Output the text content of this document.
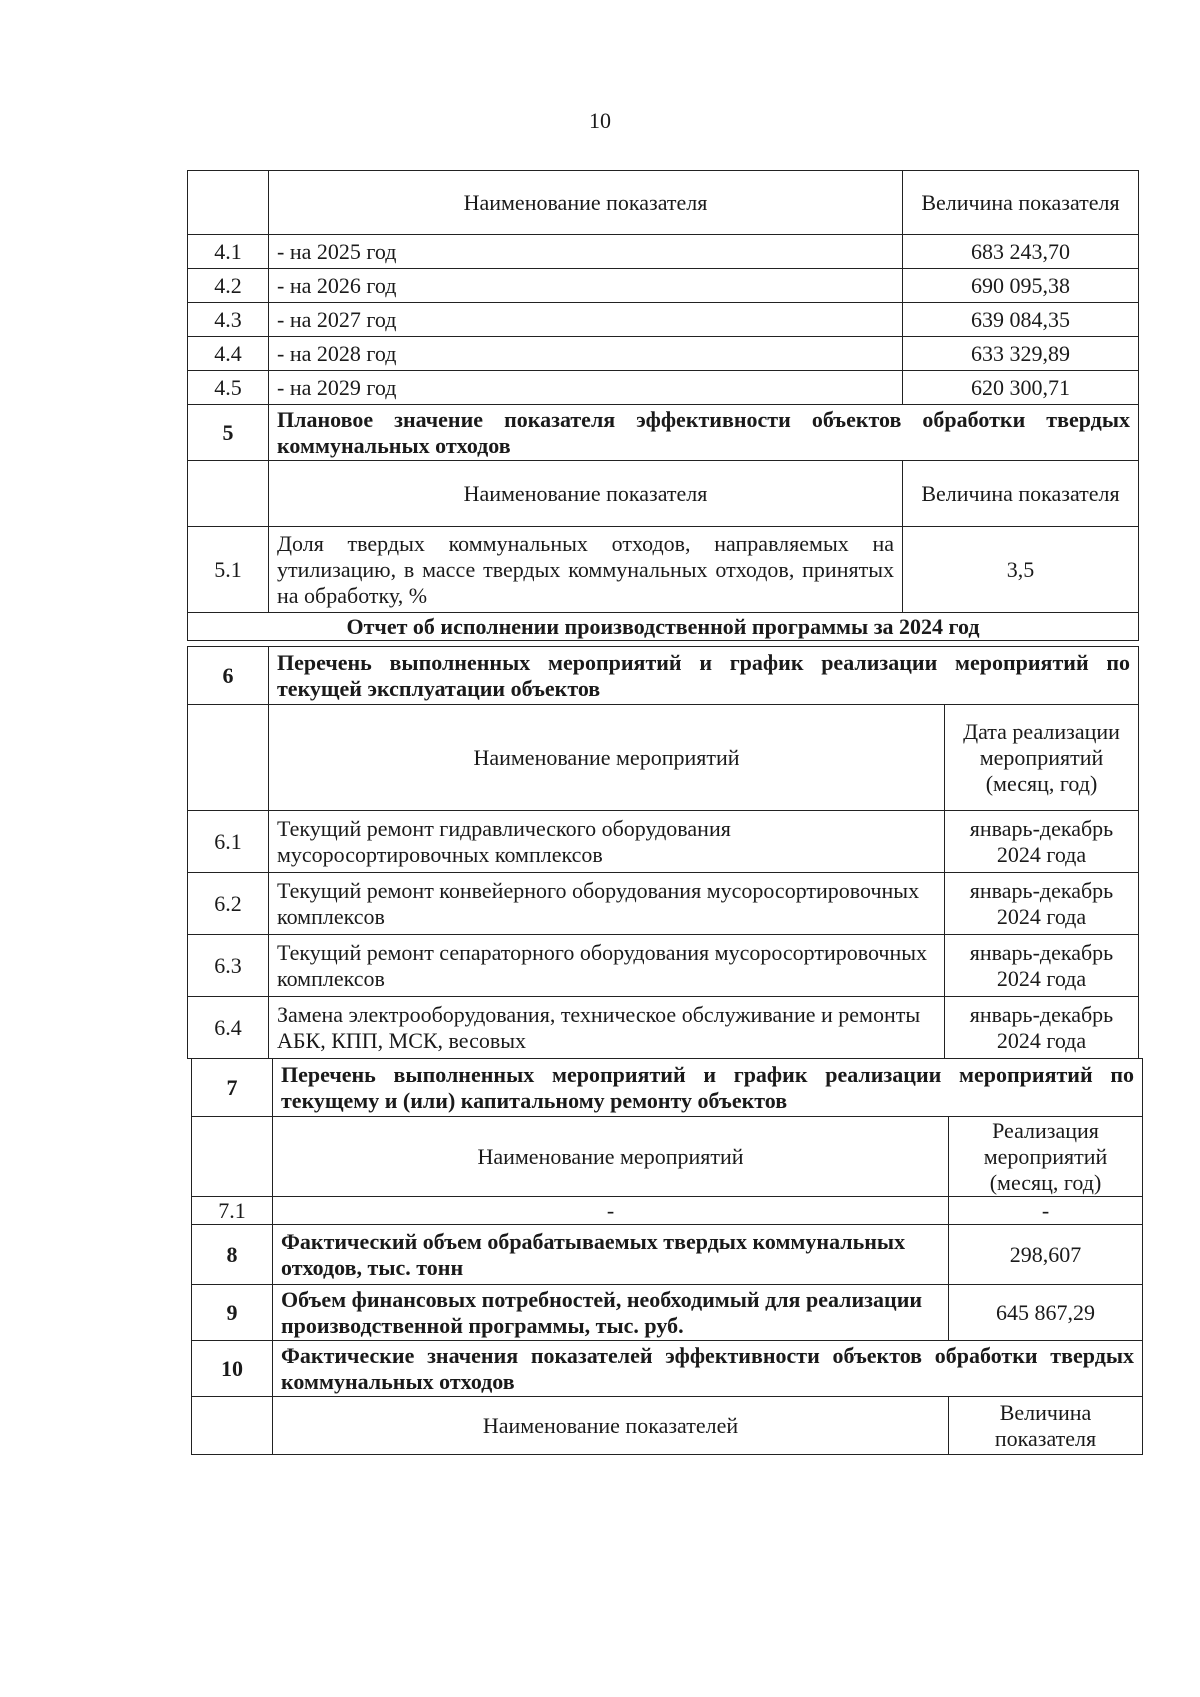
10
	Наименование показателя	Величина показателя
4.1	- на 2025 год	683 243,70
4.2	- на 2026 год	690 095,38
4.3	- на 2027 год	639 084,35
4.4	- на 2028 год	633 329,89
4.5	- на 2029 год	620 300,71
5	Плановое значение показателя эффективности объектов обработки твердых коммунальных отходов	
	Наименование показателя	Величина показателя
5.1	Доля твердых коммунальных отходов, направляемых на утилизацию, в массе твердых коммунальных отходов, принятых на обработку, %	3,5
Отчет об исполнении производственной программы за 2024 год		
6	Перечень выполненных мероприятий и график реализации мероприятий по текущей эксплуатации объектов	
	Наименование мероприятий	Дата реализации мероприятий (месяц, год)
6.1	Текущий ремонт гидравлического оборудования мусоросортировочных комплексов	январь-декабрь 2024 года
6.2	Текущий ремонт конвейерного оборудования мусоросортировочных комплексов	январь-декабрь 2024 года
6.3	Текущий ремонт сепараторного оборудования мусоросортировочных комплексов	январь-декабрь 2024 года
6.4	Замена электрооборудования, техническое обслуживание и ремонты АБК, КПП, МСК, весовых	январь-декабрь 2024 года
7	Перечень выполненных мероприятий и график реализации мероприятий по текущему и (или) капитальному ремонту объектов	
	Наименование мероприятий	Реализация мероприятий (месяц, год)
7.1	-	-
8	Фактический объем обрабатываемых твердых коммунальных отходов, тыс. тонн	298,607
9	Объем финансовых потребностей, необходимый для реализации производственной программы, тыс. руб.	645 867,29
10	Фактические значения показателей эффективности объектов обработки твердых коммунальных отходов	
	Наименование показателей	Величина показателя
